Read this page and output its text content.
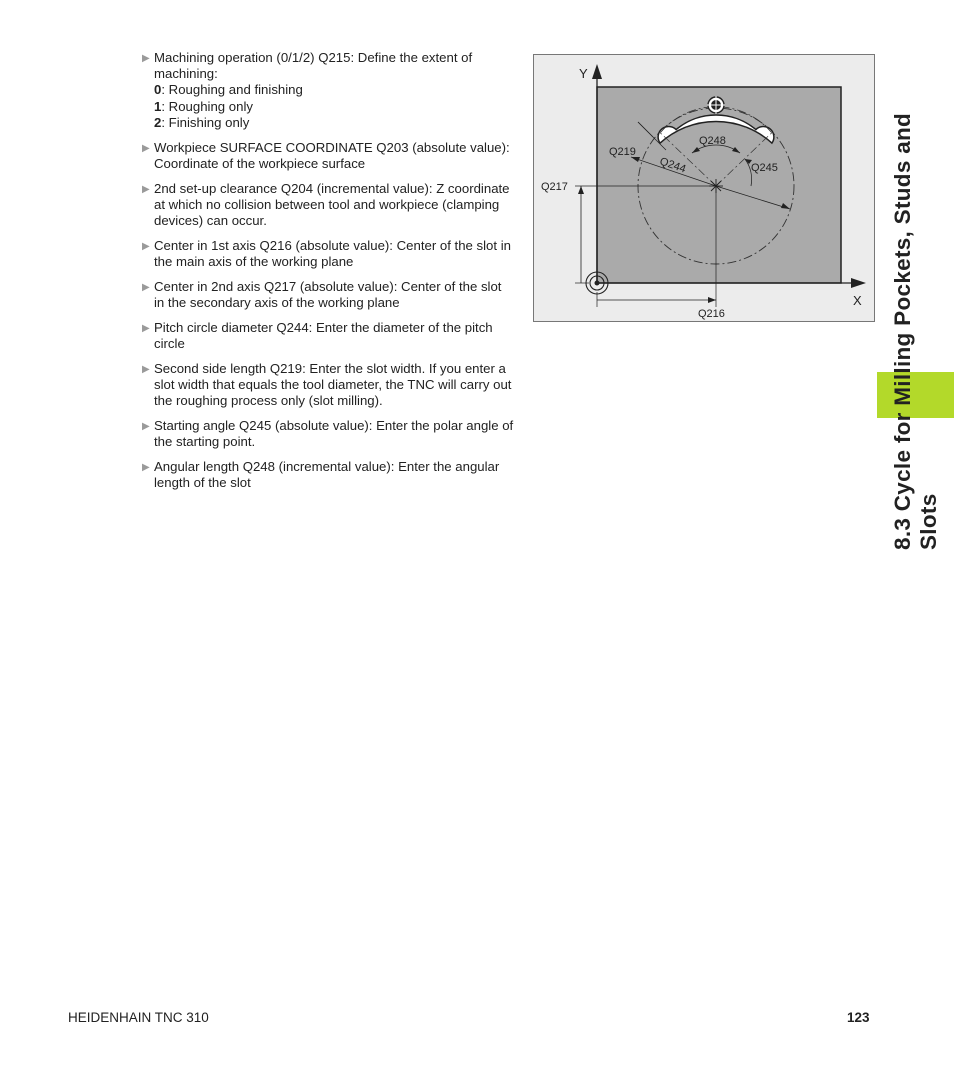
▶ Machining operation (0/1/2) Q215: Define the extent of machining:
0: Roughing and finishing
1: Roughing only
2: Finishing only
▶ Workpiece SURFACE COORDINATE Q203 (absolute value): Coordinate of the workpiece surface
▶ 2nd set-up clearance Q204 (incremental value): Z coordinate at which no collision between tool and workpiece (clamping devices) can occur.
▶ Center in 1st axis Q216 (absolute value): Center of the slot in the main axis of the working plane
▶ Center in 2nd axis Q217 (absolute value): Center of the slot in the secondary axis of the working plane
▶ Pitch circle diameter Q244: Enter the diameter of the pitch circle
▶ Second side length Q219: Enter the slot width. If you enter a slot width that equals the tool diameter, the TNC will carry out the roughing process only (slot milling).
▶ Starting angle Q245 (absolute value): Enter the polar angle of the starting point.
▶ Angular length Q248 (incremental value): Enter the angular length of the slot
Y
X
Q217
Q216
Q219
Q244
Q248
Q245	8.3 Cycle for Milling Pockets, Studs and Slots
HEIDENHAIN TNC 310	123
